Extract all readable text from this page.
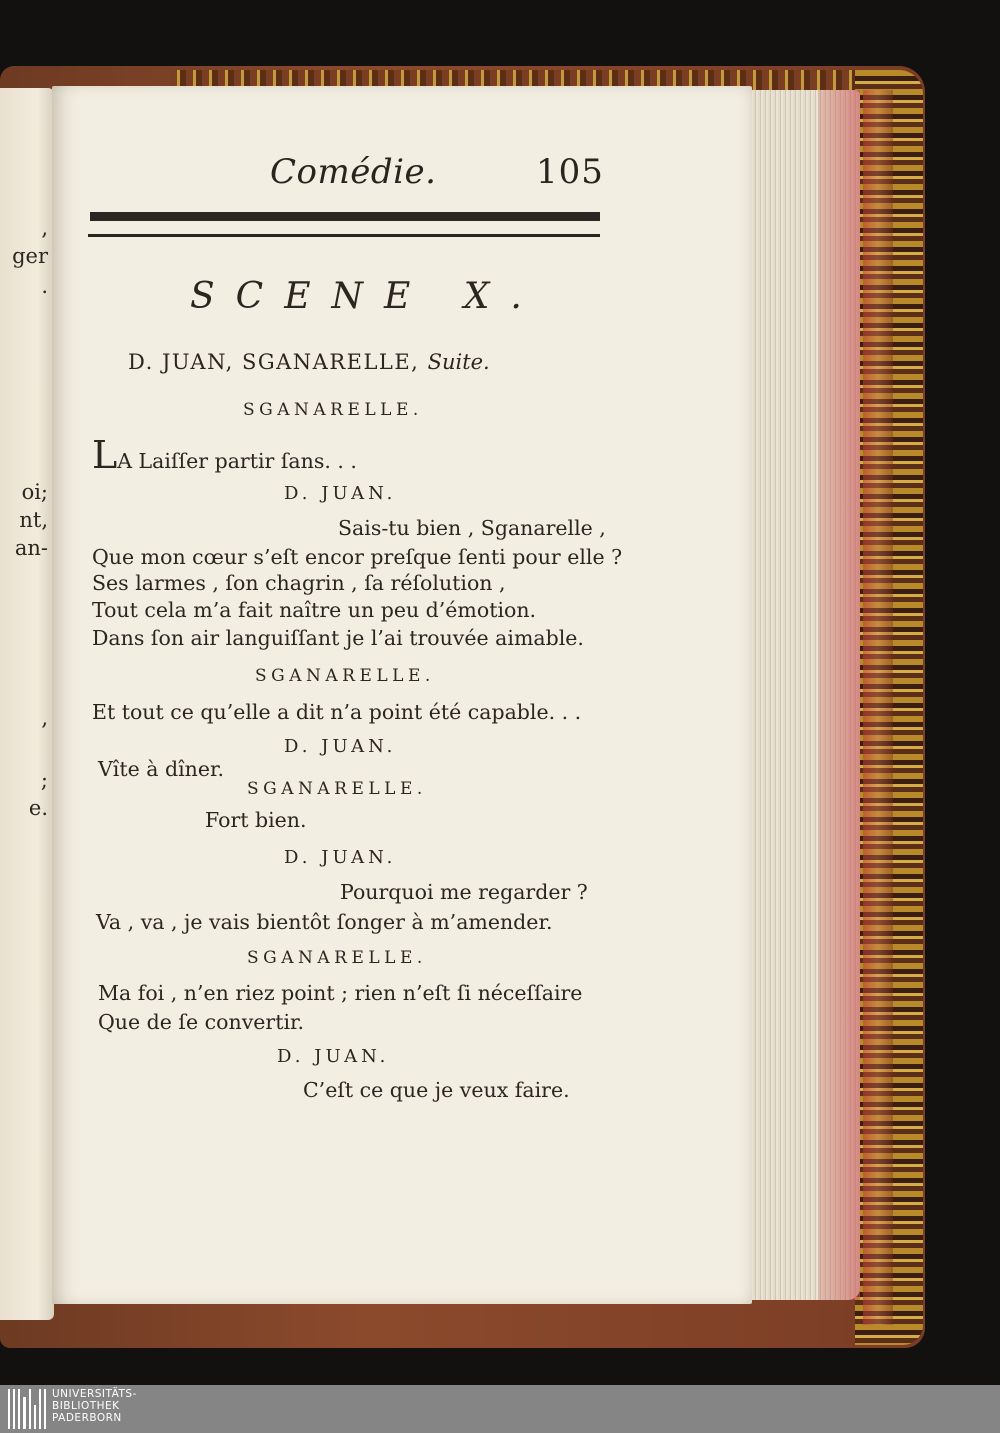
,
ger
.
oi;
nt,
an-
,
;
e.
Comédie.	105
SCENE X.
D. JUAN, SGANARELLE, Suite.
SGANARELLE.
LA Laiſſer partir ſans. . .
D. JUAN.
Sais-tu bien , Sganarelle ,
Que mon cœur s’eſt encor preſque ſenti pour elle ?
Ses larmes , ſon chagrin , ſa réſolution ,
Tout cela m’a fait naître un peu d’émotion.
Dans ſon air languiſſant je l’ai trouvée aimable.
SGANARELLE.
Et tout ce qu’elle a dit n’a point été capable. . .
D. JUAN.
Vîte à dîner.
SGANARELLE.
Fort bien.
D. JUAN.
Pourquoi me regarder ?
Va , va , je vais bientôt ſonger à m’amender.
SGANARELLE.
Ma foi , n’en riez point ; rien n’eſt ſi néceſſaire
Que de ſe convertir.
D. JUAN.
C’eſt ce que je veux faire.
UNIVERSITÄTS-
BIBLIOTHEK
PADERBORN
